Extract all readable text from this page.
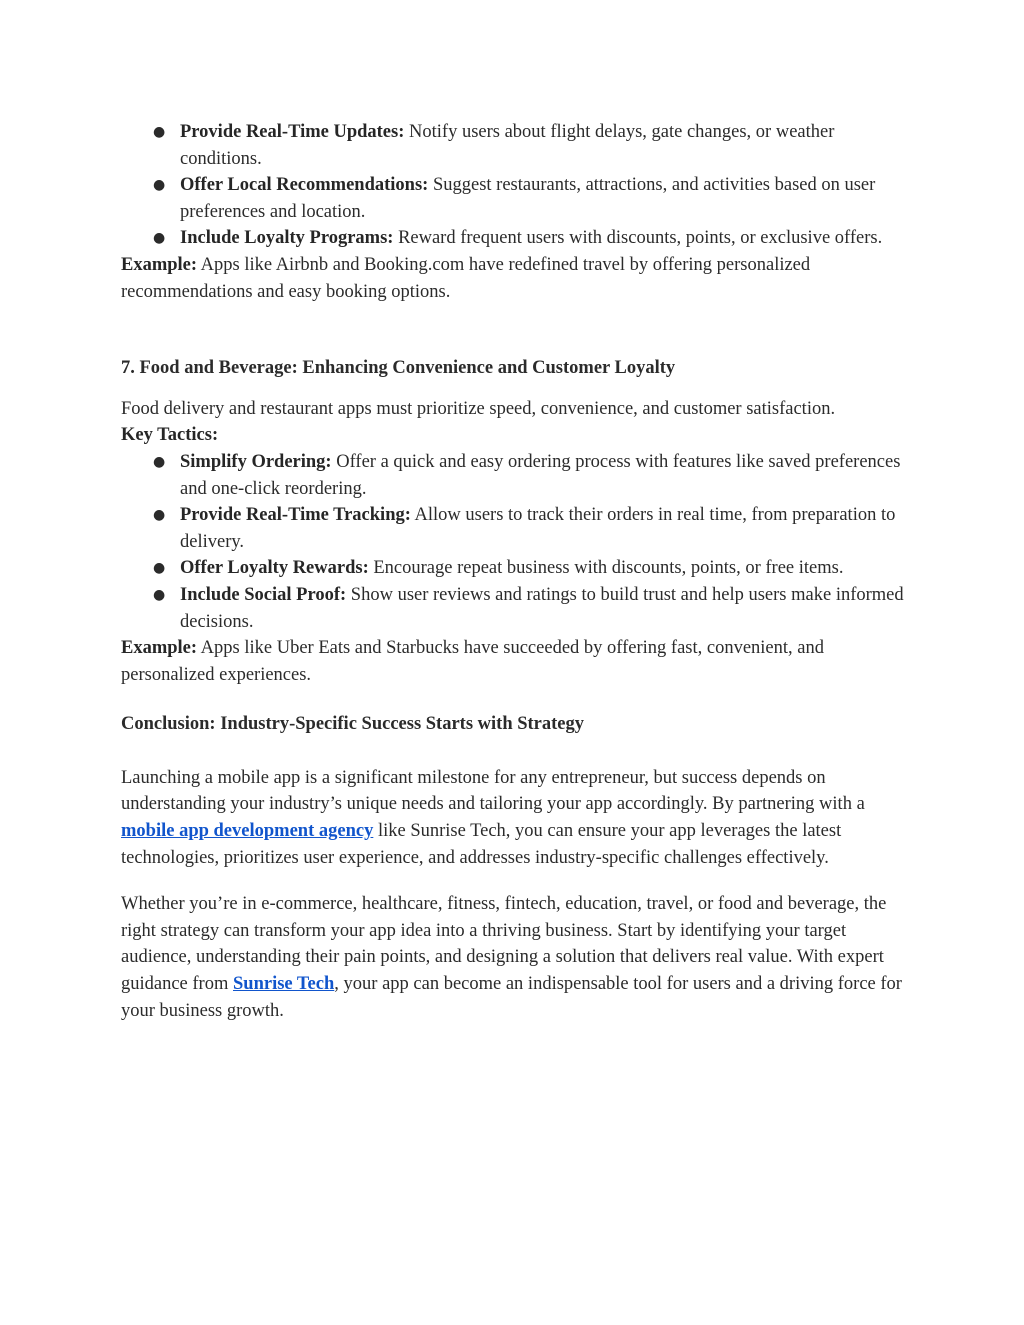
● Provide Real-Time Updates: Notify users about flight delays, gate changes, or weather conditions.
● Offer Local Recommendations: Suggest restaurants, attractions, and activities based on user preferences and location.
● Include Loyalty Programs: Reward frequent users with discounts, points, or exclusive offers.

Example: Apps like Airbnb and Booking.com have redefined travel by offering personalized recommendations and easy booking options.

7. Food and Beverage: Enhancing Convenience and Customer Loyalty

Food delivery and restaurant apps must prioritize speed, convenience, and customer satisfaction.

Key Tactics:

● Simplify Ordering: Offer a quick and easy ordering process with features like saved preferences and one-click reordering.
● Provide Real-Time Tracking: Allow users to track their orders in real time, from preparation to delivery.
● Offer Loyalty Rewards: Encourage repeat business with discounts, points, or free items.
● Include Social Proof: Show user reviews and ratings to build trust and help users make informed decisions.

Example: Apps like Uber Eats and Starbucks have succeeded by offering fast, convenient, and personalized experiences.

Conclusion: Industry-Specific Success Starts with Strategy

Launching a mobile app is a significant milestone for any entrepreneur, but success depends on understanding your industry’s unique needs and tailoring your app accordingly. By partnering with a mobile app development agency like Sunrise Tech, you can ensure your app leverages the latest technologies, prioritizes user experience, and addresses industry-specific challenges effectively.

Whether you’re in e-commerce, healthcare, fitness, fintech, education, travel, or food and beverage, the right strategy can transform your app idea into a thriving business. Start by identifying your target audience, understanding their pain points, and designing a solution that delivers real value. With expert guidance from Sunrise Tech, your app can become an indispensable tool for users and a driving force for your business growth.
